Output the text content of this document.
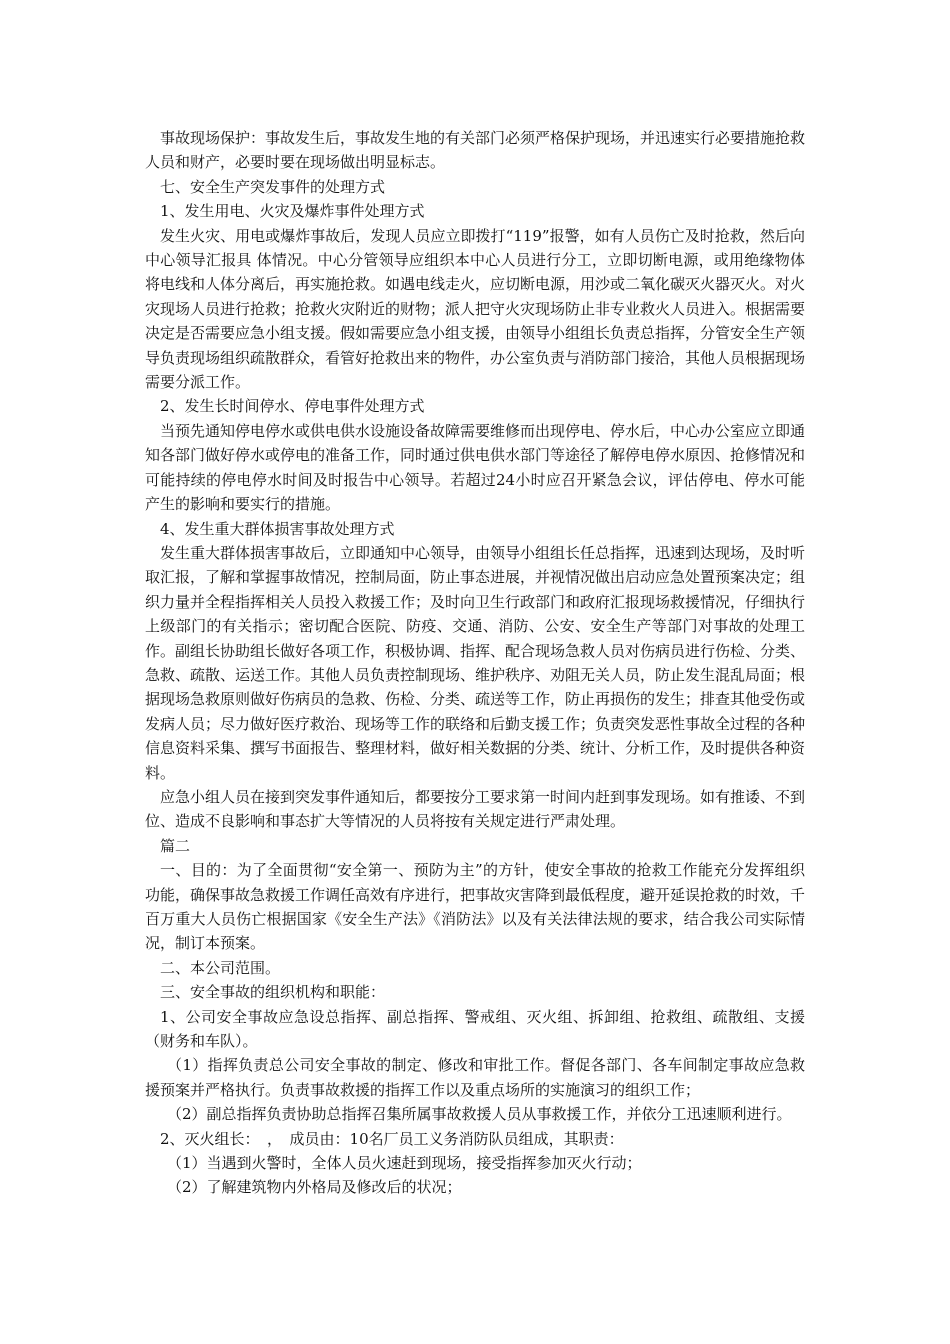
事故现场保护：事故发生后，事故发生地的有关部门必须严格保护现场，并迅速实行必要措施抢救人员和财产，必要时要在现场做出明显标志。

七、安全生产突发事件的处理方式

1、发生用电、火灾及爆炸事件处理方式

发生火灾、用电或爆炸事故后，发现人员应立即拨打“119”报警，如有人员伤亡及时抢救，然后向中心领导汇报具 体情况。中心分管领导应组织本中心人员进行分工，立即切断电源，或用绝缘物体将电线和人体分离后，再实施抢救。如遇电线走火，应切断电源，用沙或二氧化碳灭火器灭火。对火灾现场人员进行抢救；抢救火灾附近的财物；派人把守火灾现场防止非专业救火人员进入。根据需要决定是否需要应急小组支援。假如需要应急小组支援，由领导小组组长负责总指挥，分管安全生产领导负责现场组织疏散群众，看管好抢救出来的物件，办公室负责与消防部门接洽，其他人员根据现场需要分派工作。

2、发生长时间停水、停电事件处理方式

当预先通知停电停水或供电供水设施设备故障需要维修而出现停电、停水后，中心办公室应立即通知各部门做好停水或停电的准备工作，同时通过供电供水部门等途径了解停电停水原因、抢修情况和可能持续的停电停水时间及时报告中心领导。若超过24小时应召开紧急会议，评估停电、停水可能产生的影响和要实行的措施。

4、发生重大群体损害事故处理方式

发生重大群体损害事故后，立即通知中心领导，由领导小组组长任总指挥，迅速到达现场，及时听取汇报，了解和掌握事故情况，控制局面，防止事态进展，并视情况做出启动应急处置预案决定；组织力量并全程指挥相关人员投入救援工作；及时向卫生行政部门和政府汇报现场救援情况，仔细执行上级部门的有关指示；密切配合医院、防疫、交通、消防、公安、安全生产等部门对事故的处理工作。副组长协助组长做好各项工作，积极协调、指挥、配合现场急救人员对伤病员进行伤检、分类、急救、疏散、运送工作。其他人员负责控制现场、维护秩序、劝阻无关人员，防止发生混乱局面；根据现场急救原则做好伤病员的急救、伤检、分类、疏送等工作，防止再损伤的发生；排查其他受伤或发病人员；尽力做好医疗救治、现场等工作的联络和后勤支援工作；负责突发恶性事故全过程的各种信息资料采集、撰写书面报告、整理材料，做好相关数据的分类、统计、分析工作，及时提供各种资料。

应急小组人员在接到突发事件通知后，都要按分工要求第一时间内赶到事发现场。如有推诿、不到位、造成不良影响和事态扩大等情况的人员将按有关规定进行严肃处理。

篇二

一、目的：为了全面贯彻“安全第一、预防为主”的方针，使安全事故的抢救工作能充分发挥组织功能，确保事故急救援工作调任高效有序进行，把事故灾害降到最低程度，避开延误抢救的时效，千百万重大人员伤亡根据国家《安全生产法》《消防法》以及有关法律法规的要求，结合我公司实际情况，制订本预案。

二、本公司范围。

三、安全事故的组织机构和职能：

1、公司安全事故应急设总指挥、副总指挥、警戒组、灭火组、拆卸组、抢救组、疏散组、支援（财务和车队）。

（1）指挥负责总公司安全事故的制定、修改和审批工作。督促各部门、各车间制定事故应急救援预案并严格执行。负责事故救援的指挥工作以及重点场所的实施演习的组织工作；

（2）副总指挥负责协助总指挥召集所属事故救援人员从事救援工作，并依分工迅速顺利进行。

2、灭火组长：　，　成员由：10名厂员工义务消防队员组成，其职责：

（1）当遇到火警时，全体人员火速赶到现场，接受指挥参加灭火行动；

（2）了解建筑物内外格局及修改后的状况；
